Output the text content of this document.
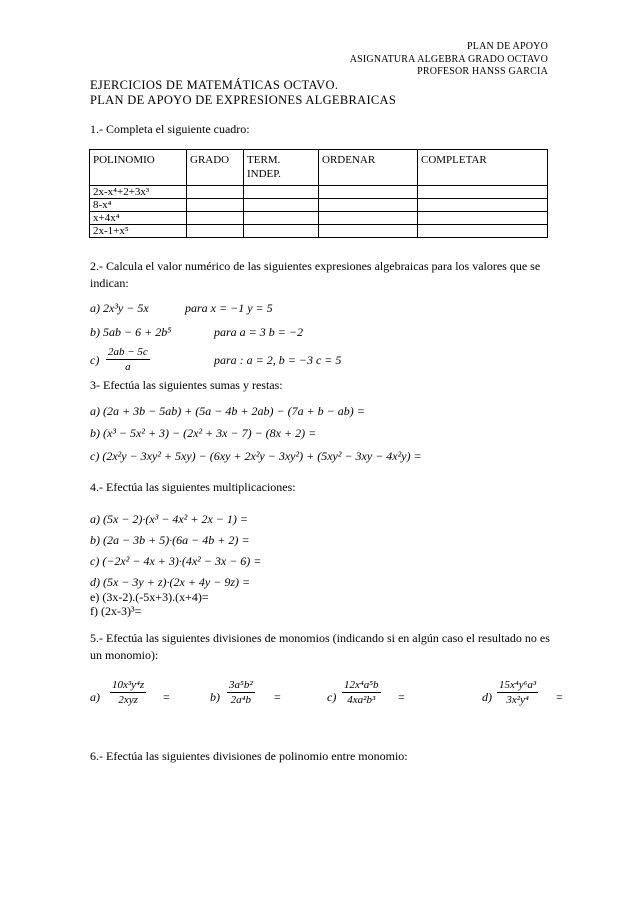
PLAN DE APOYO
ASIGNATURA ALGEBRA GRADO OCTAVO
PROFESOR HANSS GARCIA
EJERCICIOS DE MATEMÁTICAS OCTAVO.
PLAN DE APOYO DE EXPRESIONES ALGEBRAICAS
1.- Completa el siguiente cuadro:
POLINOMIO	GRADO	TERM. INDEP.	ORDENAR	COMPLETAR
2x-x⁴+2+3x³				
8-x⁴				
x+4x⁴				
2x-1+x⁵				
2.- Calcula el valor numérico de las siguientes expresiones algebraicas para los valores que se indican:
a) 2x³y − 5x	para x = −1 y = 5
b) 5ab − 6 + 2b⁵	para a = 3 b = −2
$c) \frac{2ab - 5c}{a}$	para : a = 2, b = −3 c = 5
3- Efectúa las siguientes sumas y restas:
a) (2a + 3b − 5ab) + (5a − 4b + 2ab) − (7a + b − ab) =
b) (x³ − 5x² + 3) − (2x² + 3x − 7) − (8x + 2) =
c) (2x²y − 3xy² + 5xy) − (6xy + 2x²y − 3xy²) + (5xy² − 3xy − 4x²y) =
4.- Efectúa las siguientes multiplicaciones:
a) (5x − 2)·(x³ − 4x² + 2x − 1) =
b) (2a − 3b + 5)·(6a − 4b + 2) =
c) (−2x² − 4x + 3)·(4x² − 3x − 6) =
d) (5x − 3y + z)·(2x + 4y − 9z) =
e) (3x-2).(-5x+3).(x+4)=
f) (2x-3)³=
5.- Efectúa las siguientes divisiones de monomios (indicando si en algún caso el resultado no es un monomio):
a)
10x³y⁴z
2xyz	=	$b) \frac{\text{3a⁵b²}}{\text{2a⁴b}}$ =	$c) \frac{\text{12x⁴a⁵b}}{\text{4xa²b³}}$ =	$d) \frac{\text{15x⁴y⁶a³}}{\text{3x²y⁴}}$ =
6.- Efectúa las siguientes divisiones de polinomio entre monomio:
